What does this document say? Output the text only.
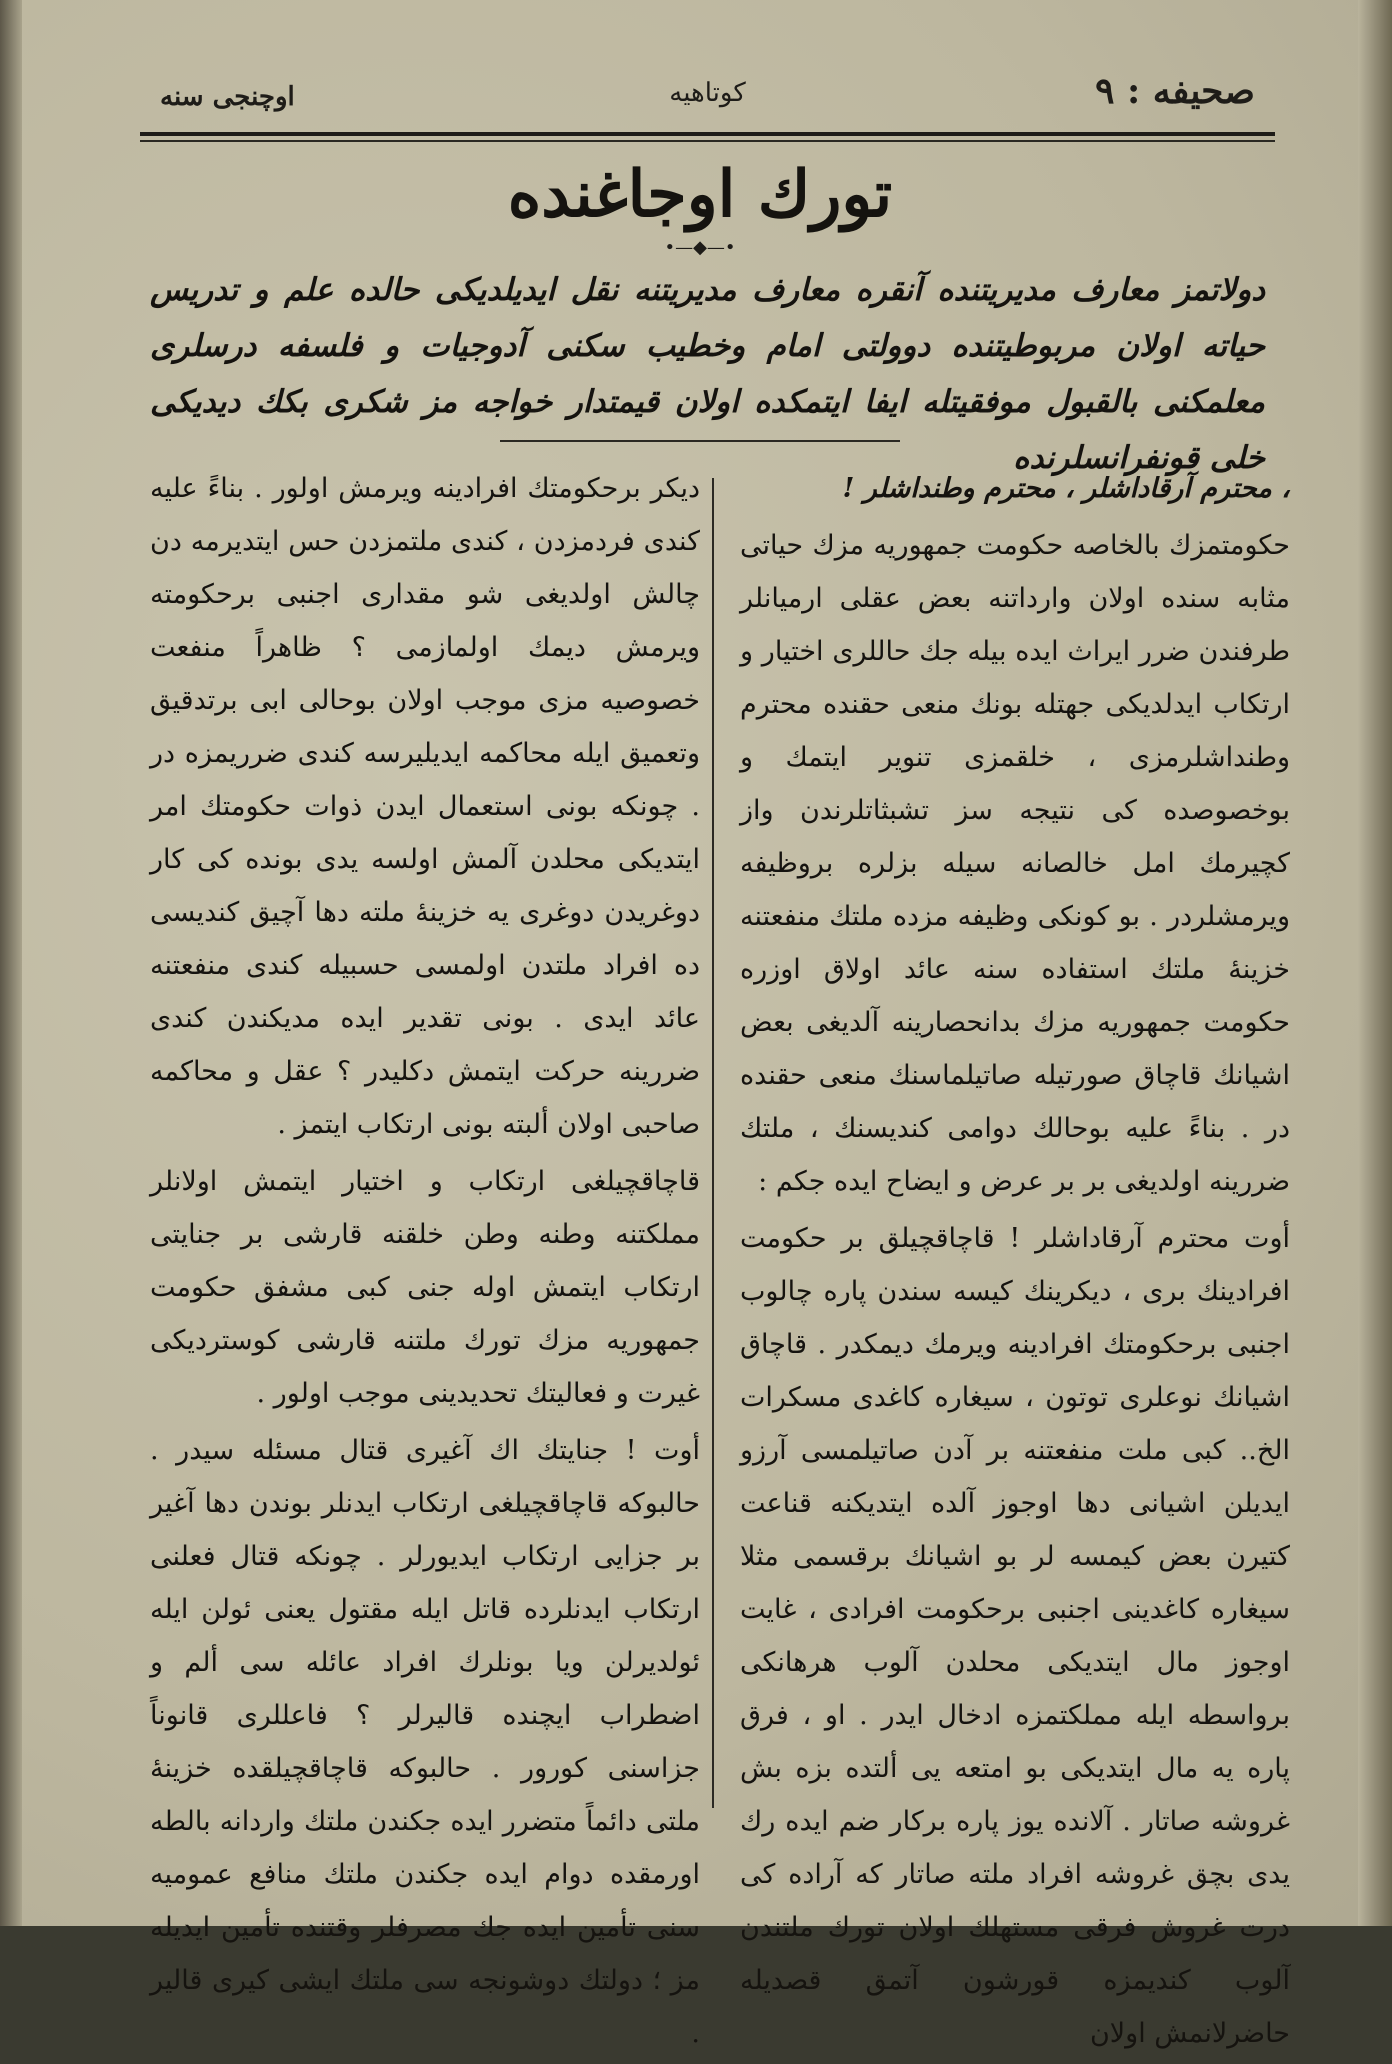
صحیفه : ۹
کوتاهیه
اوچنجی سنه
تورك اوجاغنده
•—◆—•
دولاتمز معارف مدیریتنده آنقره معارف مدیریتنه نقل ایدیلدیکی حالده علم و تدریس حیاته اولان مربوطیتنده دوولتی امام وخطیب سکنی آدوجیات و فلسفه درسلری معلمکنی بالقبول موفقیتله ایفا ایتمکده اولان قیمتدار خواجه مز شکری بکك دیدیکی خلی قونفرانسلرنده

، محترم آرقاداشلر ، محترم وطنداشلر !

حکومتمزك بالخاصه حکومت جمهوریه مزك حیاتی مثابه سنده اولان وارداتنه بعض عقلی ارمیانلر طرفندن ضرر ایراث ایده بیله جك حاللری اختیار و ارتکاب ایدلدیکی جهتله بونك منعی حقنده محترم وطنداشلرمزی ، خلقمزی تنویر ایتمك و بوخصوصده کی نتیجه سز تشبثاتلرندن واز کچیرمك امل خالصانه سیله بزلره بروظیفه ویرمشلردر . بو کونکی وظیفه مزده ملتك منفعتنه خزینهٔ ملتك استفاده سنه عائد اولاق اوزره حکومت جمهوریه مزك بدانحصارینه آلدیغی بعض اشیانك قاچاق صورتیله صاتیلماسنك منعی حقنده در . بناءً علیه بوحالك دوامی کندیسنك ، ملتك ضررینه اولدیغی بر بر عرض و ایضاح ایده جکم :

أوت محترم آرقاداشلر ! قاچاقچیلق بر حکومت افرادینك بری ، دیکرینك کیسه سندن پاره چالوب اجنبی برحکومتك افرادینه ویرمك دیمکدر . قاچاق اشیانك نوعلری توتون ، سیغاره کاغدی مسکرات الخ.. کبی ملت منفعتنه بر آدن صاتیلمسی آرزو ایدیلن اشیانی دها اوجوز آلده ایتدیکنه قناعت کتیرن بعض کیمسه لر بو اشیانك برقسمی مثلا سیغاره کاغدینی اجنبی برحکومت افرادی ، غایت اوجوز مال ایتدیکی محلدن آلوب هرهانکی برواسطه ایله مملکتمزه ادخال ایدر . او ، فرق پاره یه مال ایتدیکی بو امتعه یی ألتده بزه بش غروشه صاتار . آلانده یوز پاره برکار ضم ایده رك یدی بچق غروشه افراد ملته صاتار که آراده کی درت غروش فرقی مستهلك اولان تورك ملتندن آلوب کندیمزه قورشون آتمق قصدیله حاضرلانمش اولان

دیکر برحکومتك افرادینه ویرمش اولور . بناءً علیه کندی فردمزدن ، کندی ملتمزدن حس ایتدیرمه دن چالش اولدیغی شو مقداری اجنبی برحکومته ویرمش دیمك اولمازمی ؟ ظاهراً منفعت خصوصیه مزی موجب اولان بوحالی ابی برتدقیق وتعمیق ایله محاکمه ایدیلیرسه کندی ضرریمزه در . چونکه بونی استعمال ایدن ذوات حکومتك امر ایتدیکی محلدن آلمش اولسه یدی بونده کی کار دوغریدن دوغری یه خزینهٔ ملته دها آچیق کندیسی ده افراد ملتدن اولمسی حسبیله کندی منفعتنه عائد ایدی . بونی تقدیر ایده مدیکندن کندی ضررینه حرکت ایتمش دکلیدر ؟ عقل و محاکمه صاحبی اولان ألبته بونی ارتکاب ایتمز .

قاچاقچیلغی ارتکاب و اختیار ایتمش اولانلر مملکتنه وطنه وطن خلقنه قارشی بر جنایتی ارتکاب ایتمش اوله جنی کبی مشفق حکومت جمهوریه مزك تورك ملتنه قارشی کوستردیکی غیرت و فعالیتك تحدیدینی موجب اولور .

أوت ! جنایتك اك آغیری قتال مسئله سیدر . حالبوکه قاچاقچیلغی ارتکاب ایدنلر بوندن دها آغیر بر جزایی ارتکاب ایدیورلر . چونکه قتال فعلنی ارتکاب ایدنلرده قاتل ایله مقتول یعنی ئولن ایله ئولدیرلن ویا بونلرك افراد عائله سی ألم و اضطراب ایچنده قالیرلر ؟ فاعللری قانوناً جزاسنی کورور . حالبوکه قاچاقچیلقده خزینهٔ ملتی دائماً متضرر ایده جکندن ملتك واردانه بالطه اورمقده دوام ایده جکندن ملتك منافع عمومیه سنی تأمین ایده جك مصرفلر وقتنده تأمین ایدیله مز ؛ دولتك دوشونجه سی ملتك ایشی کیری قالیر .
